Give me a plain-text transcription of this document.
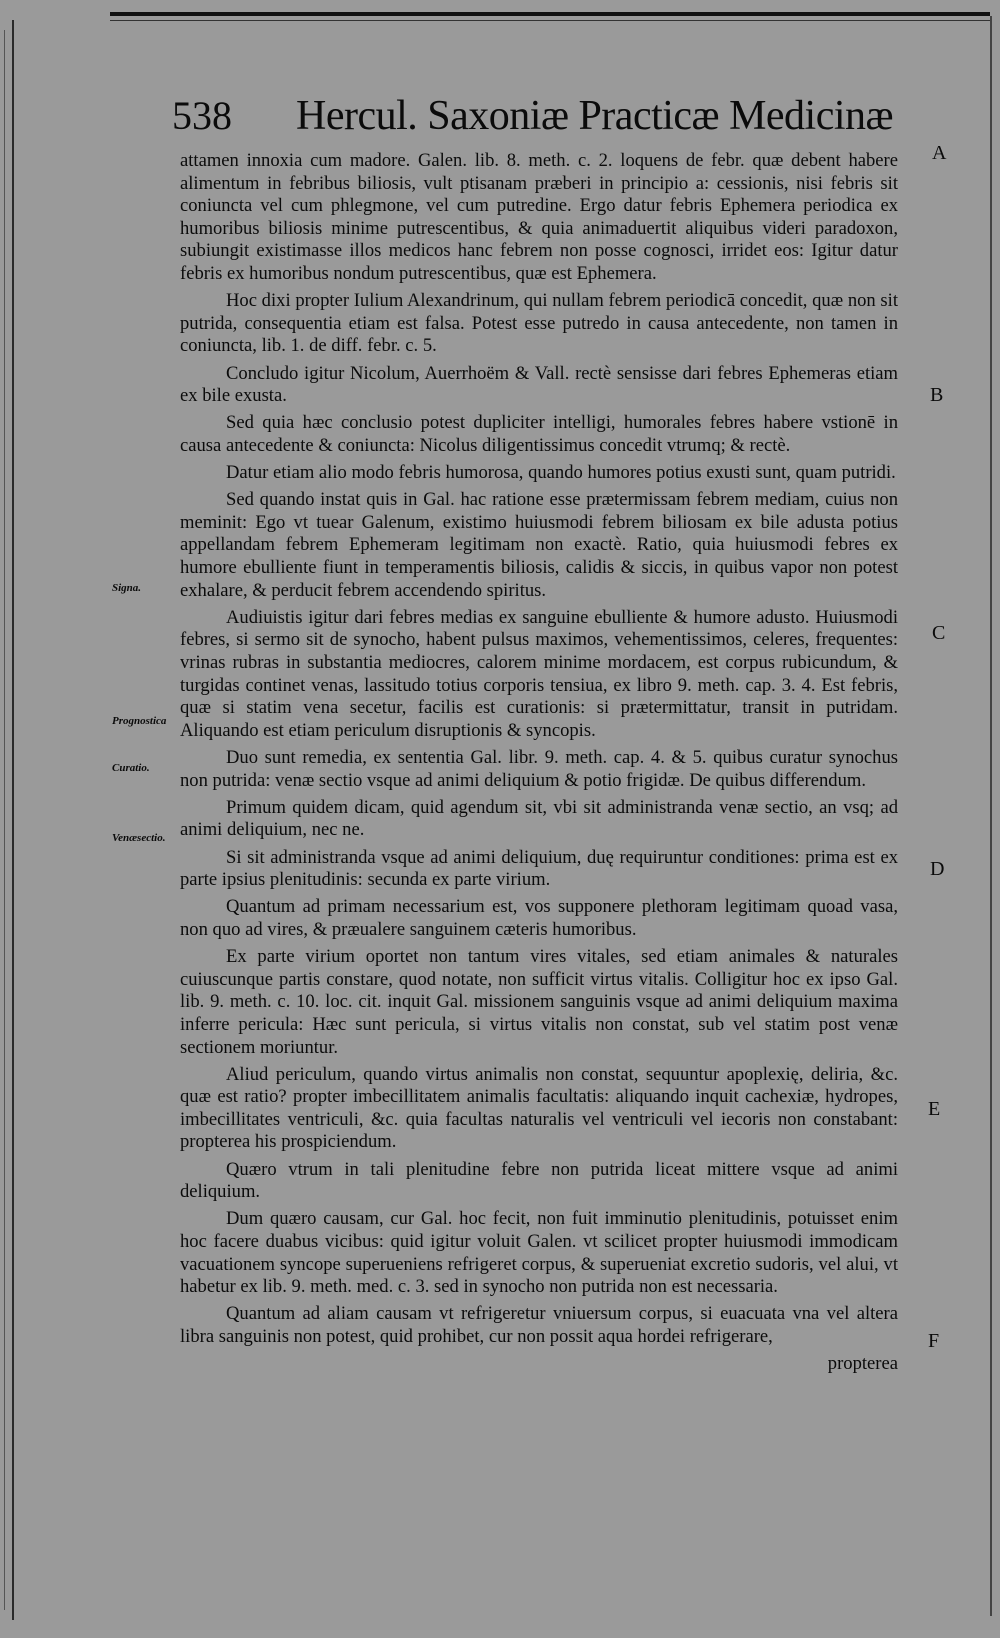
538 Hercul. Saxoniæ Practicæ Medicinæ
Signa.
Prognostica
Curatio.
Venæsectio.
A
B
C
D
E
F

attamen innoxia cum madore. Galen. lib. 8. meth. c. 2. loquens de febr. quæ debent habere alimentum in febribus biliosis, vult ptisanam præberi in principio a: cessionis, nisi febris sit coniuncta vel cum phlegmone, vel cum putredine. Ergo datur febris Ephemera periodica ex humoribus biliosis minime putrescentibus, & quia animaduertit aliquibus videri paradoxon, subiungit existimasse illos medicos hanc febrem non posse cognosci, irridet eos: Igitur datur febris ex humoribus nondum putrescentibus, quæ est Ephemera.

Hoc dixi propter Iulium Alexandrinum, qui nullam febrem periodicā concedit, quæ non sit putrida, consequentia etiam est falsa. Potest esse putredo in causa antecedente, non tamen in coniuncta, lib. 1. de diff. febr. c. 5.

Concludo igitur Nicolum, Auerrhoëm & Vall. rectè sensisse dari febres Ephemeras etiam ex bile exusta.

Sed quia hæc conclusio potest dupliciter intelligi, humorales febres habere vstionē in causa antecedente & coniuncta: Nicolus diligentissimus concedit vtrumq; & rectè.

Datur etiam alio modo febris humorosa, quando humores potius exusti sunt, quam putridi.

Sed quando instat quis in Gal. hac ratione esse prætermissam febrem mediam, cuius non meminit: Ego vt tuear Galenum, existimo huiusmodi febrem biliosam ex bile adusta potius appellandam febrem Ephemeram legitimam non exactè. Ratio, quia huiusmodi febres ex humore ebulliente fiunt in temperamentis biliosis, calidis & siccis, in quibus vapor non potest exhalare, & perducit febrem accendendo spiritus.

Audiuistis igitur dari febres medias ex sanguine ebulliente & humore adusto. Huiusmodi febres, si sermo sit de synocho, habent pulsus maximos, vehementissimos, celeres, frequentes: vrinas rubras in substantia mediocres, calorem minime mordacem, est corpus rubicundum, & turgidas continet venas, lassitudo totius corporis tensiua, ex libro 9. meth. cap. 3. 4. Est febris, quæ si statim vena secetur, facilis est curationis: si prætermittatur, transit in putridam. Aliquando est etiam periculum disruptionis & syncopis.

Duo sunt remedia, ex sententia Gal. libr. 9. meth. cap. 4. & 5. quibus curatur synochus non putrida: venæ sectio vsque ad animi deliquium & potio frigidæ. De quibus differendum.

Primum quidem dicam, quid agendum sit, vbi sit administranda venæ sectio, an vsq; ad animi deliquium, nec ne.

Si sit administranda vsque ad animi deliquium, duę requiruntur conditiones: prima est ex parte ipsius plenitudinis: secunda ex parte virium.

Quantum ad primam necessarium est, vos supponere plethoram legitimam quoad vasa, non quo ad vires, & præualere sanguinem cæteris humoribus.

Ex parte virium oportet non tantum vires vitales, sed etiam animales & naturales cuiuscunque partis constare, quod notate, non sufficit virtus vitalis. Colligitur hoc ex ipso Gal. lib. 9. meth. c. 10. loc. cit. inquit Gal. missionem sanguinis vsque ad animi deliquium maxima inferre pericula: Hæc sunt pericula, si virtus vitalis non constat, sub vel statim post venæ sectionem moriuntur.

Aliud periculum, quando virtus animalis non constat, sequuntur apoplexię, deliria, &c. quæ est ratio? propter imbecillitatem animalis facultatis: aliquando inquit cachexiæ, hydropes, imbecillitates ventriculi, &c. quia facultas naturalis vel ventriculi vel iecoris non constabant: propterea his prospiciendum.

Quæro vtrum in tali plenitudine febre non putrida liceat mittere vsque ad animi deliquium.

Dum quæro causam, cur Gal. hoc fecit, non fuit imminutio plenitudinis, potuisset enim hoc facere duabus vicibus: quid igitur voluit Galen. vt scilicet propter huiusmodi immodicam vacuationem syncope superueniens refrigeret corpus, & superueniat excretio sudoris, vel alui, vt habetur ex lib. 9. meth. med. c. 3. sed in synocho non putrida non est necessaria.

Quantum ad aliam causam vt refrigeretur vniuersum corpus, si euacuata vna vel altera libra sanguinis non potest, quid prohibet, cur non possit aqua hordei refrigerare,

propterea
